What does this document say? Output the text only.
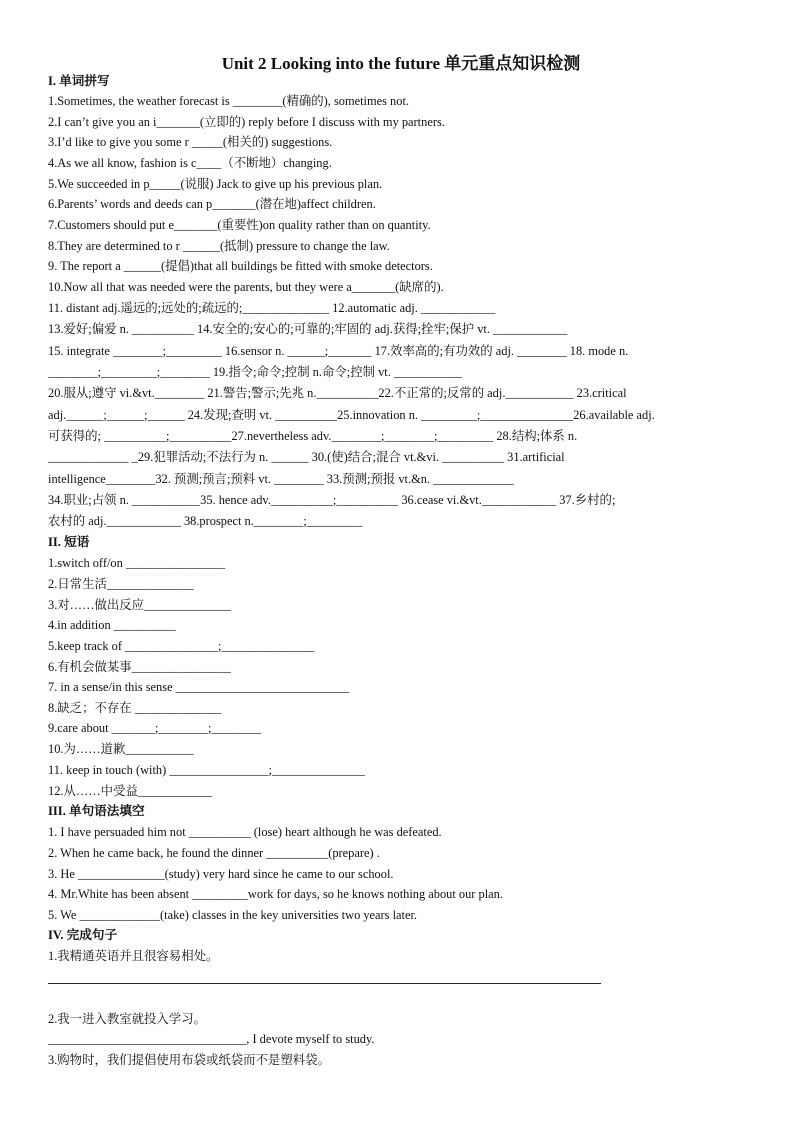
Unit 2 Looking into the future 单元重点知识检测
I. 单词拼写
1.Sometimes, the weather forecast is ________(精确的), sometimes not.
2.I can’t give you an i_______(立即的) reply before I discuss with my partners.
3.I’d like to give you some r _____(相关的) suggestions.
4.As we all know, fashion is c____（不断地）changing.
5.We succeeded in p_____(说服) Jack to give up his previous plan.
6.Parents’ words and deeds can p_______(潜在地)affect children.
7.Customers should put e_______(重要性)on quality rather than on quantity.
8.They are determined to r ______(抵制) pressure to change the law.
9. The report a ______(提倡)that all buildings be fitted with smoke detectors.
10.Now all that was needed were the parents, but they were a_______(缺席的).
11. distant adj.遥远的;远处的;疏远的;______________ 12.automatic adj. ____________
13.爱好;偏爱 n. __________ 14.安全的;安心的;可靠的;牢固的 adj.获得;拴牢;保护 vt. ____________
15. integrate ________;_________ 16.sensor n. ______;_______ 17.效率高的;有功效的 adj. ________ 18. mode n.
________;_________;________ 19.指令;命令;控制 n.命令;控制 vt. ___________
20.服从;遵守 vi.&vt.________ 21.警告;警示;先兆 n.__________22.不正常的;反常的 adj.___________ 23.critical
adj.______;______;______ 24.发现;查明 vt. __________25.innovation n. _________;_______________26.available adj.
可获得的; __________;__________27.nevertheless adv.________;________;_________ 28.结构;体系 n.
_____________ _29.犯罪活动;不法行为 n. ______ 30.(使)结合;混合 vt.&vi. __________ 31.artificial
intelligence________32. 预测;预言;预料 vt. ________ 33.预测;预报 vt.&n. _____________
34.职业;占领 n. ___________35. hence adv.__________;__________ 36.cease vi.&vt.____________ 37.乡村的;
农村的 adj.____________ 38.prospect n.________;_________
II. 短语
1.switch off/on ________________
2.日常生活______________
3.对……做出反应______________
4.in addition __________
5.keep track of _______________;_______________
6.有机会做某事________________
7. in a sense/in this sense ____________________________
8.缺乏；不存在 ______________
9.care about _______;________;________
10.为……道歉___________
11. keep in touch (with) ________________;_______________
12.从……中受益____________
III. 单句语法填空
1. I have persuaded him not __________ (lose) heart although he was defeated.
2. When he came back, he found the dinner __________(prepare) .
3. He ______________(study) very hard since he came to our school.
4. Mr.White has been absent _________work for days, so he knows nothing about our plan.
5. We _____________(take) classes in the key universities two years later.
IV. 完成句子
1.我精通英语并且很容易相处。
2.我一进入教室就投入学习。
________________________________, I devote myself to study.
3.购物时，我们提倡使用布袋或纸袋而不是塑料袋。
